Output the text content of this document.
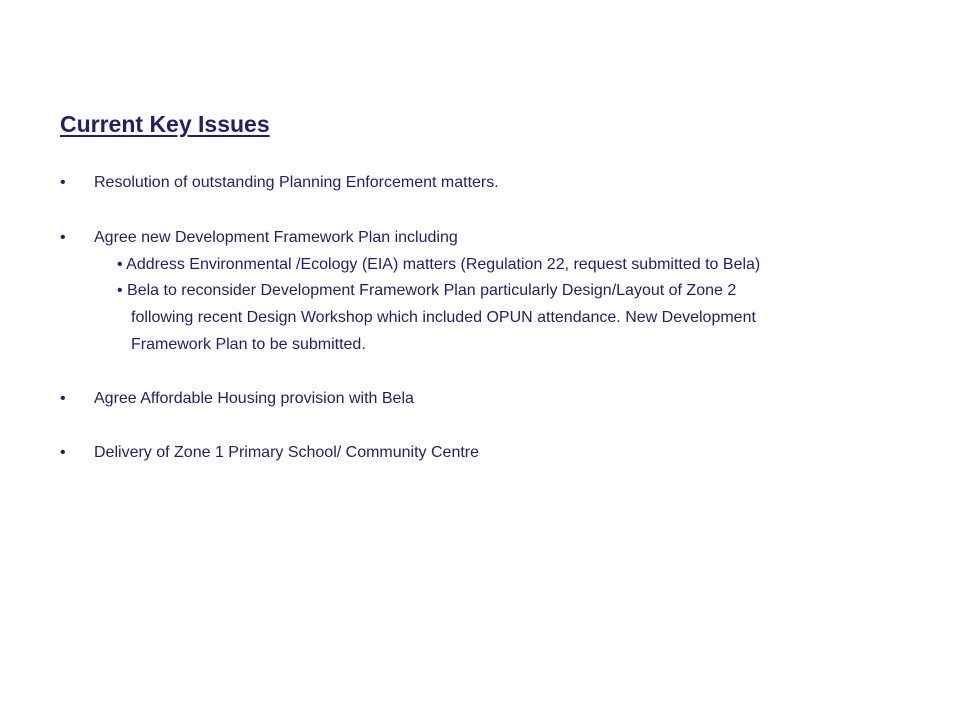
Current Key Issues
• Resolution of outstanding Planning Enforcement matters.
• Agree new Development Framework Plan including
• Address Environmental /Ecology (EIA) matters (Regulation 22, request submitted to Bela)
• Bela to reconsider Development Framework Plan particularly Design/Layout of Zone 2
following recent Design Workshop which included OPUN attendance. New Development
Framework Plan to be submitted.
• Agree Affordable Housing provision with Bela
• Delivery of Zone 1 Primary School/ Community Centre
